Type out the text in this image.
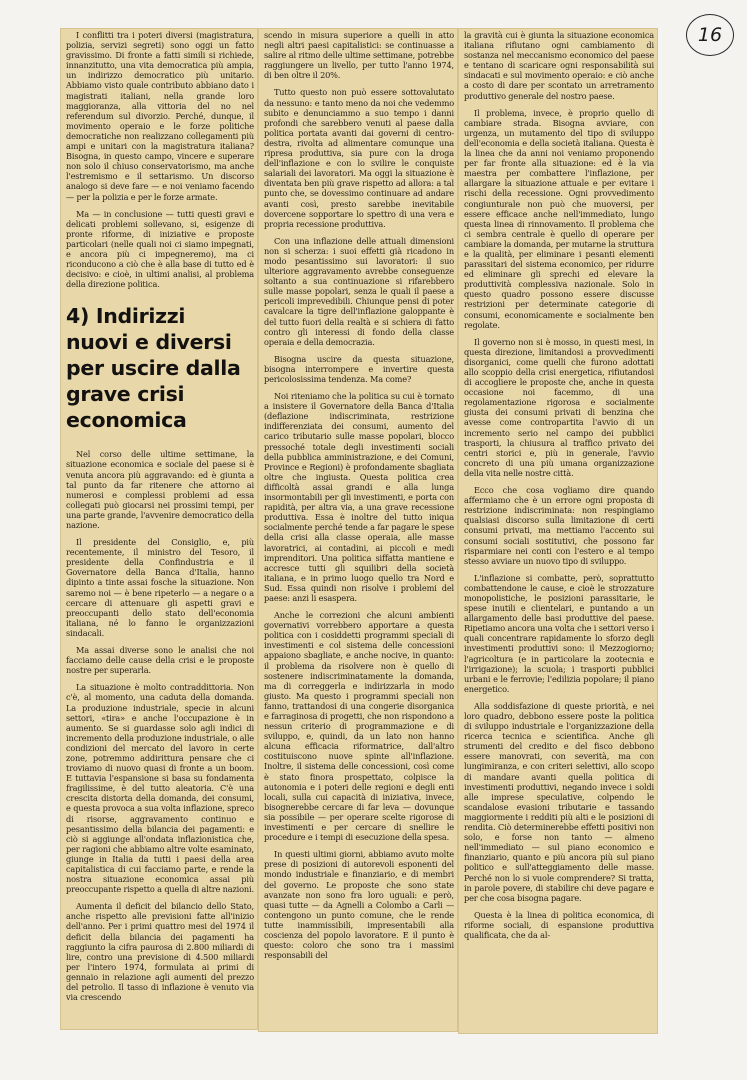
16

I conflitti tra i poteri diversi (magistratura, polizia, servizi segreti) sono oggi un fatto gravissimo. Di fronte a fatti simili si richiede, innanzitutto, una vita democratica più ampia, un indirizzo democratico più unitario. Abbiamo visto quale contributo abbiano dato i magistrati italiani, nella grande loro maggioranza, alla vittoria del no nel referendum sul divorzio. Perché, dunque, il movimento operaio e le forze politiche democratiche non realizzano collegamenti più ampi e unitari con la magistratura italiana? Bisogna, in questo campo, vincere e superare non solo il chiuso conservatorismo, ma anche l'estremismo e il settarismo. Un discorso analogo si deve fare — e noi veniamo facendo — per la polizia e per le forze armate.

Ma — in conclusione — tutti questi gravi e delicati problemi sollevano, si, esigenze di pronte riforme, di iniziative e proposte particolari (nelle quali noi ci siamo impegnati, e ancora più ci impegneremo), ma ci riconducono a ciò che è alla base di tutto ed è decisivo: e cioè, in ultimi analisi, al problema della direzione politica.

4) Indirizzi nuovi e diversi per uscire dalla grave crisi economica

Nel corso delle ultime settimane, la situazione economica e sociale del paese si è venuta ancora più aggravando: ed è giunta a tal punto da far ritenere che attorno ai numerosi e complessi problemi ad essa collegati può giocarsi nei prossimi tempi, per una parte grande, l'avvenire democratico della nazione.

Il presidente del Consiglio, e, più recentemente, il ministro del Tesoro, il presidente della Confindustria e il Governatore della Banca d'Italia, hanno dipinto a tinte assai fosche la situazione. Non saremo noi — è bene ripeterlo — a negare o a cercare di attenuare gli aspetti gravi e preoccupanti dello stato dell'economia italiana, né lo fanno le organizzazioni sindacali.

Ma assai diverse sono le analisi che noi facciamo delle cause della crisi e le proposte nostre per superarla.

La situazione è molto contraddittoria. Non c'è, al momento, una caduta della domanda. La produzione industriale, specie in alcuni settori, «tira» e anche l'occupazione è in aumento. Se si guardasse solo agli indici di incremento della produzione industriale, o alle condizioni del mercato del lavoro in certe zone, potremmo addirittura pensare che ci troviamo di nuovo quasi di fronte a un boom. E tuttavia l'espansione si basa su fondamenta fragilissime, è del tutto aleatoria. C'è una crescita distorta della domanda, dei consumi, e questa provoca a sua volta inflazione, spreco di risorse, aggravamento continuo e pesantissimo della bilancia dei pagamenti: e ciò si aggiunge all'ondata inflazionistica che, per ragioni che abbiamo altre volte esaminato, giunge in Italia da tutti i paesi della area capitalistica di cui facciamo parte, e rende la nostra situazione economica assai più preoccupante rispetto a quella di altre nazioni.

Aumenta il deficit del bilancio dello Stato, anche rispetto alle previsioni fatte all'inizio dell'anno. Per i primi quattro mesi del 1974 il deficit della bilancia dei pagamenti ha raggiunto la cifra paurosa di 2.800 miliardi di lire, contro una previsione di 4.500 miliardi per l'intero 1974, formulata ai primi di gennaio in relazione agli aumenti del prezzo del petrolio. Il tasso di inflazione è venuto via via crescendo

scendo in misura superiore a quelli in atto negli altri paesi capitalistici: se continuasse a salire al ritmo delle ultime settimane, potrebbe raggiungere un livello, per tutto l'anno 1974, di ben oltre il 20%.

Tutto questo non può essere sottovalutato da nessuno: e tanto meno da noi che vedemmo subito e denunciammo a suo tempo i danni profondi che sarebbero venuti al paese dalla politica portata avanti dai governi di centro-destra, rivolta ad alimentare comunque una ripresa produttiva, sia pure con la droga dell'inflazione e con lo svilire le conquiste salariali dei lavoratori. Ma oggi la situazione è diventata ben più grave rispetto ad allora: a tal punto che, se dovessimo continuare ad andare avanti così, presto sarebbe inevitabile dovercene sopportare lo spettro di una vera e propria recessione produttiva.

Con una inflazione delle attuali dimensioni non si scherza: i suoi effetti già ricadono in modo pesantissimo sui lavoratori: il suo ulteriore aggravamento avrebbe conseguenze soltanto a sua continuazione si rifarebbero sulle masse popolari, senza le quali il paese a pericoli imprevedibili. Chiunque pensi di poter cavalcare la tigre dell'inflazione galoppante è del tutto fuori della realtà e si schiera di fatto contro gli interessi di fondo della classe operaia e della democrazia.

Bisogna uscire da questa situazione, bisogna interrompere e invertire questa pericolosissima tendenza. Ma come?

Noi riteniamo che la politica su cui è tornato a insistere il Governatore della Banca d'Italia (deflazione indiscriminata, restrizione indifferenziata dei consumi, aumento del carico tributario sulle masse popolari, blocco pressoché totale degli investimenti sociali della pubblica amministrazione, e dei Comuni, Province e Regioni) è profondamente sbagliata oltre che ingiusta. Questa politica crea difficoltà assai grandi e alla lunga insormontabili per gli investimenti, e porta con rapidità, per altra via, a una grave recessione produttiva. Essa è inoltre del tutto iniqua socialmente perché tende a far pagare le spese della crisi alla classe operaia, alle masse lavoratrici, ai contadini, ai piccoli e medi imprenditori. Una politica siffatta mantiene e accresce tutti gli squilibri della società italiana, e in primo luogo quello tra Nord e Sud. Essa quindi non risolve i problemi del paese: anzi li esaspera.

Anche le correzioni che alcuni ambienti governativi vorrebbero apportare a questa politica con i cosiddetti programmi speciali di investimenti e col sistema delle concessioni appaiono sbagliate, e anche nocive, in quanto: il problema da risolvere non è quello di sostenere indiscriminatamente la domanda, ma di correggerla e indirizzarla in modo giusto. Ma questo i programmi speciali non fanno, trattandosi di una congerie disorganica e farraginosa di progetti, che non rispondono a nessun criterio di programmazione e di sviluppo, e, quindi, da un lato non hanno alcuna efficacia riformatrice, dall'altro costituiscono nuove spinte all'inflazione. Inoltre, il sistema delle concessioni, così come è stato finora prospettato, colpisce la autonomia e i poteri delle regioni e degli enti locali, sulla cui capacità di iniziativa, invece, bisognerebbe cercare di far leva — dovunque sia possibile — per operare scelte rigorose di investimenti e per cercare di snellire le procedure e i tempi di esecuzione della spesa.

In questi ultimi giorni, abbiamo avuto molte prese di posizioni di autorevoli esponenti del mondo industriale e finanziario, e di membri del governo. Le proposte che sono state avanzate non sono fra loro uguali: e però, quasi tutte — da Agnelli a Colombo a Carli — contengono un punto comune, che le rende tutte inammissibili, impresentabili alla coscienza del popolo lavoratore. E il punto è questo: coloro che sono tra i massimi responsabili del

la gravità cui è giunta la situazione economica italiana rifiutano ogni cambiamento di sostanza nel meccanismo economico del paese e tentano di scaricare ogni responsabilità sui sindacati e sul movimento operaio: e ciò anche a costo di dare per scontato un arretramento produttivo generale del nostro paese.

Il problema, invece, è proprio quello di cambiare strada. Bisogna avviare, con urgenza, un mutamento del tipo di sviluppo dell'economia e della società italiana. Questa è la linea che da anni noi veniamo proponendo per far fronte alla situazione: ed è la via maestra per combattere l'inflazione, per allargare la situazione attuale e per evitare i rischi della recessione. Ogni provvedimento congiunturale non può che muoversi, per essere efficace anche nell'immediato, lungo questa linea di rinnovamento. Il problema che ci sembra centrale è quello di operare per cambiare la domanda, per mutarne la struttura e la qualità, per eliminare i pesanti elementi parassitari del sistema economico, per ridurre ed eliminare gli sprechi ed elevare la produttività complessiva nazionale. Solo in questo quadro possono essere discusse restrizioni per determinate categorie di consumi, economicamente e socialmente ben regolate.

Il governo non si è mosso, in questi mesi, in questa direzione, limitandosi a provvedimenti disorganici, come quelli che furono adottati allo scoppio della crisi energetica, rifiutandosi di accogliere le proposte che, anche in questa occasione noi facemmo, di una regolamentazione rigorosa e socialmente giusta dei consumi privati di benzina che avesse come contropartita l'avvio di un incremento serio nel campo dei pubblici trasporti, la chiusura al traffico privato dei centri storici e, più in generale, l'avvio concreto di una più umana organizzazione della vita nelle nostre città.

Ecco che cosa vogliamo dire quando affermiamo che è un errore ogni proposta di restrizione indiscriminata: non respingiamo qualsiasi discorso sulla limitazione di certi consumi privati, ma mettiamo l'accento sui consumi sociali sostitutivi, che possono far risparmiare nei conti con l'estero e al tempo stesso avviare un nuovo tipo di sviluppo.

L'inflazione si combatte, però, soprattutto combattendone le cause, e cioè le strozzature monopolistiche, le posizioni parassitarie, le spese inutili e clientelari, e puntando a un allargamento delle basi produttive del paese. Ripetiamo ancora una volta che i settori verso i quali concentrare rapidamente lo sforzo degli investimenti produttivi sono: il Mezzogiorno; l'agricoltura (e in particolare la zootecnia e l'irrigazione); la scuola; i trasporti pubblici urbani e le ferrovie; l'edilizia popolare; il piano energetico.

Alla soddisfazione di queste priorità, e nei loro quadro, debbono essere poste la politica di sviluppo industriale e l'organizzazione della ricerca tecnica e scientifica. Anche gli strumenti del credito e del fisco debbono essere manovrati, con severità, ma con lungimiranza, e con criteri selettivi, allo scopo di mandare avanti quella politica di investimenti produttivi, negando invece i soldi alle imprese speculative, colpendo le scandalose evasioni tributarie e tassando maggiormente i redditi più alti e le posizioni di rendita. Ciò determinerebbe effetti positivi non solo, e forse non tanto — almeno nell'immediato — sul piano economico e finanziario, quanto e più ancora più sul piano politico e sull'atteggiamento delle masse. Perché non lo si vuole comprendere? Si tratta, in parole povere, di stabilire chi deve pagare e per che cosa bisogna pagare.

Questa è la linea di politica economica, di riforme sociali, di espansione produttiva qualificata, che da al-
